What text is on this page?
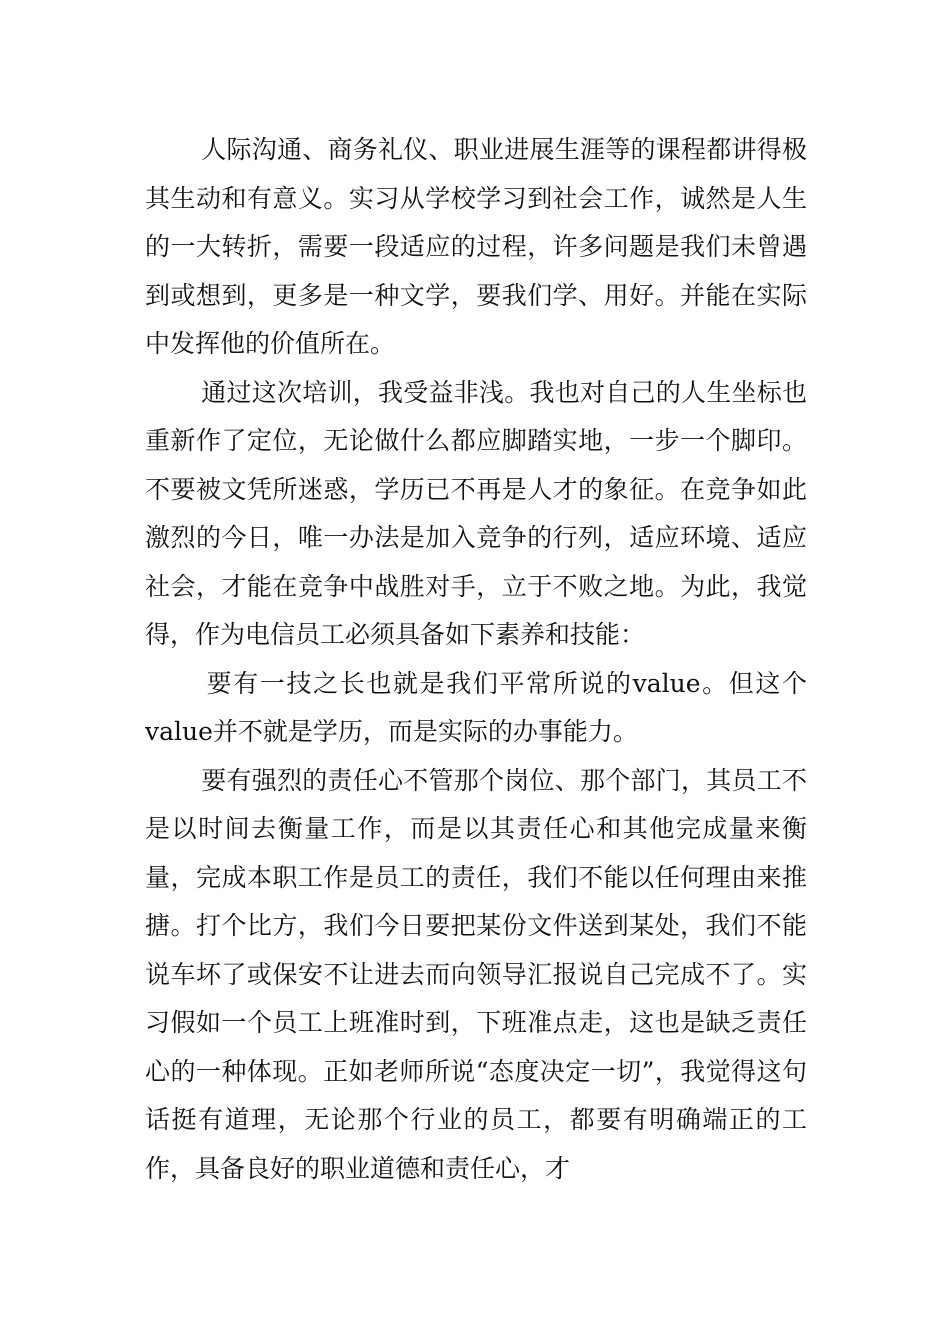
人际沟通、商务礼仪、职业进展生涯等的课程都讲得极其生动和有意义。实习从学校学习到社会工作，诚然是人生的一大转折，需要一段适应的过程，许多问题是我们未曾遇到或想到，更多是一种文学，要我们学、用好。并能在实际中发挥他的价值所在。

通过这次培训，我受益非浅。我也对自己的人生坐标也重新作了定位，无论做什么都应脚踏实地，一步一个脚印。不要被文凭所迷惑，学历已不再是人才的象征。在竞争如此激烈的今日，唯一办法是加入竞争的行列，适应环境、适应社会，才能在竞争中战胜对手，立于不败之地。为此，我觉得，作为电信员工必须具备如下素养和技能：

要有一技之长也就是我们平常所说的value。但这个value并不就是学历，而是实际的办事能力。

要有强烈的责任心不管那个岗位、那个部门，其员工不是以时间去衡量工作，而是以其责任心和其他完成量来衡量，完成本职工作是员工的责任，我们不能以任何理由来推搪。打个比方，我们今日要把某份文件送到某处，我们不能说车坏了或保安不让进去而向领导汇报说自己完成不了。实习假如一个员工上班准时到，下班准点走，这也是缺乏责任心的一种体现。正如老师所说“态度决定一切”，我觉得这句话挺有道理，无论那个行业的员工，都要有明确端正的工作，具备良好的职业道德和责任心，才
